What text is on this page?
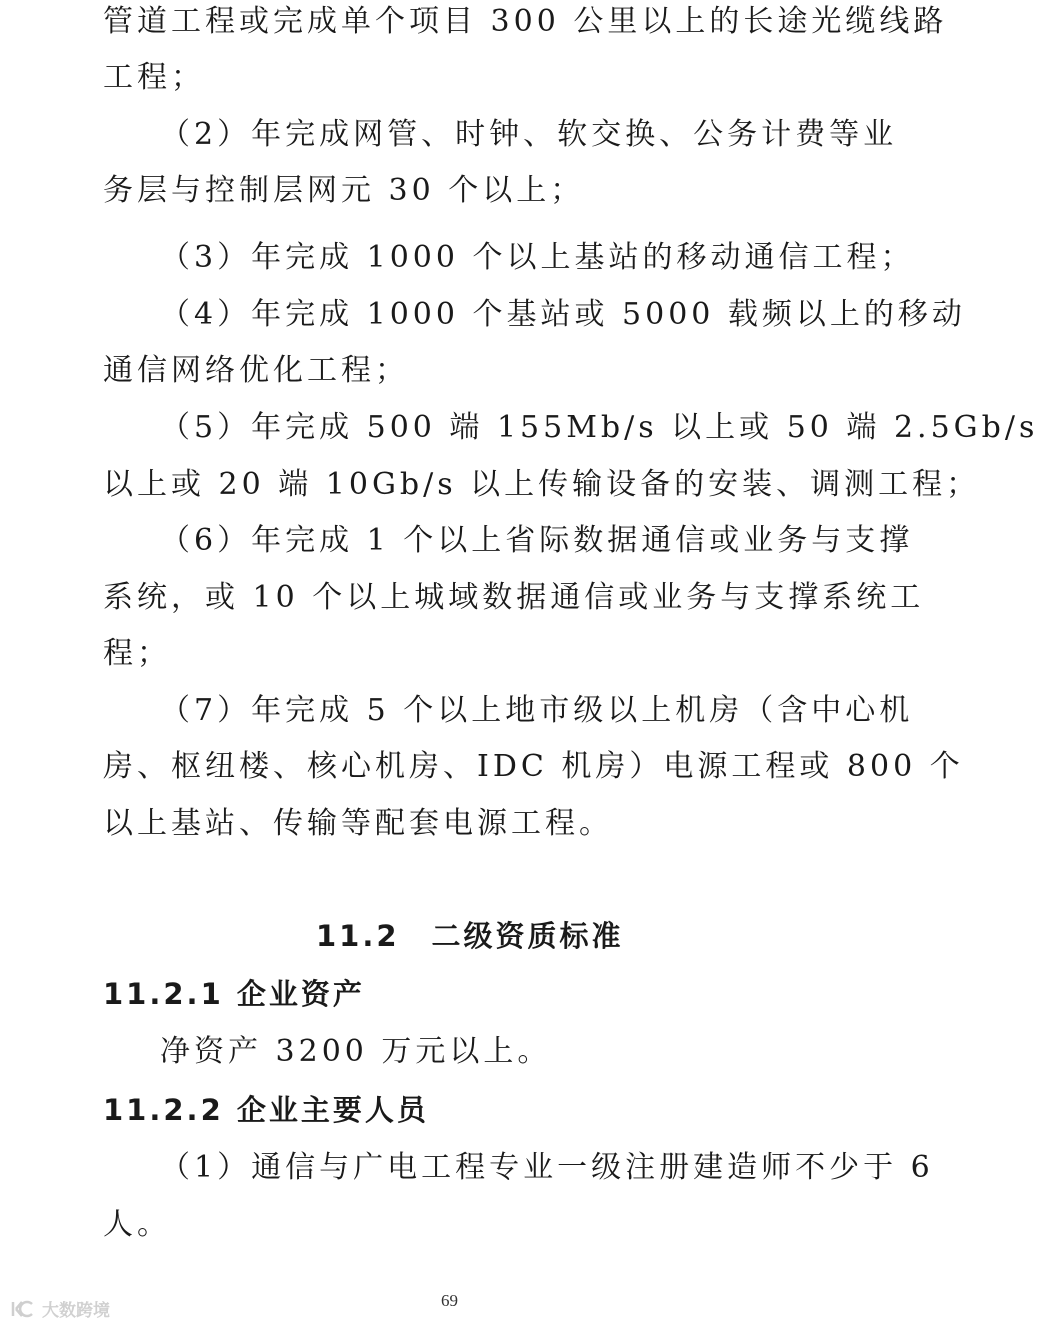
管道工程或完成单个项目 300 公里以上的长途光缆线路
工程；
（2）年完成网管、时钟、软交换、公务计费等业
务层与控制层网元 30 个以上；
（3）年完成 1000 个以上基站的移动通信工程；
（4）年完成 1000 个基站或 5000 载频以上的移动
通信网络优化工程；
（5）年完成 500 端 155Mb/s 以上或 50 端 2.5Gb/s
以上或 20 端 10Gb/s 以上传输设备的安装、调测工程；
（6）年完成 1 个以上省际数据通信或业务与支撑
系统，或 10 个以上城域数据通信或业务与支撑系统工
程；
（7）年完成 5 个以上地市级以上机房（含中心机
房、枢纽楼、核心机房、IDC 机房）电源工程或 800 个
以上基站、传输等配套电源工程。
11.2　二级资质标准
11.2.1 企业资产
净资产 3200 万元以上。
11.2.2 企业主要人员
（1）通信与广电工程专业一级注册建造师不少于 6
人。
69
大数跨境
